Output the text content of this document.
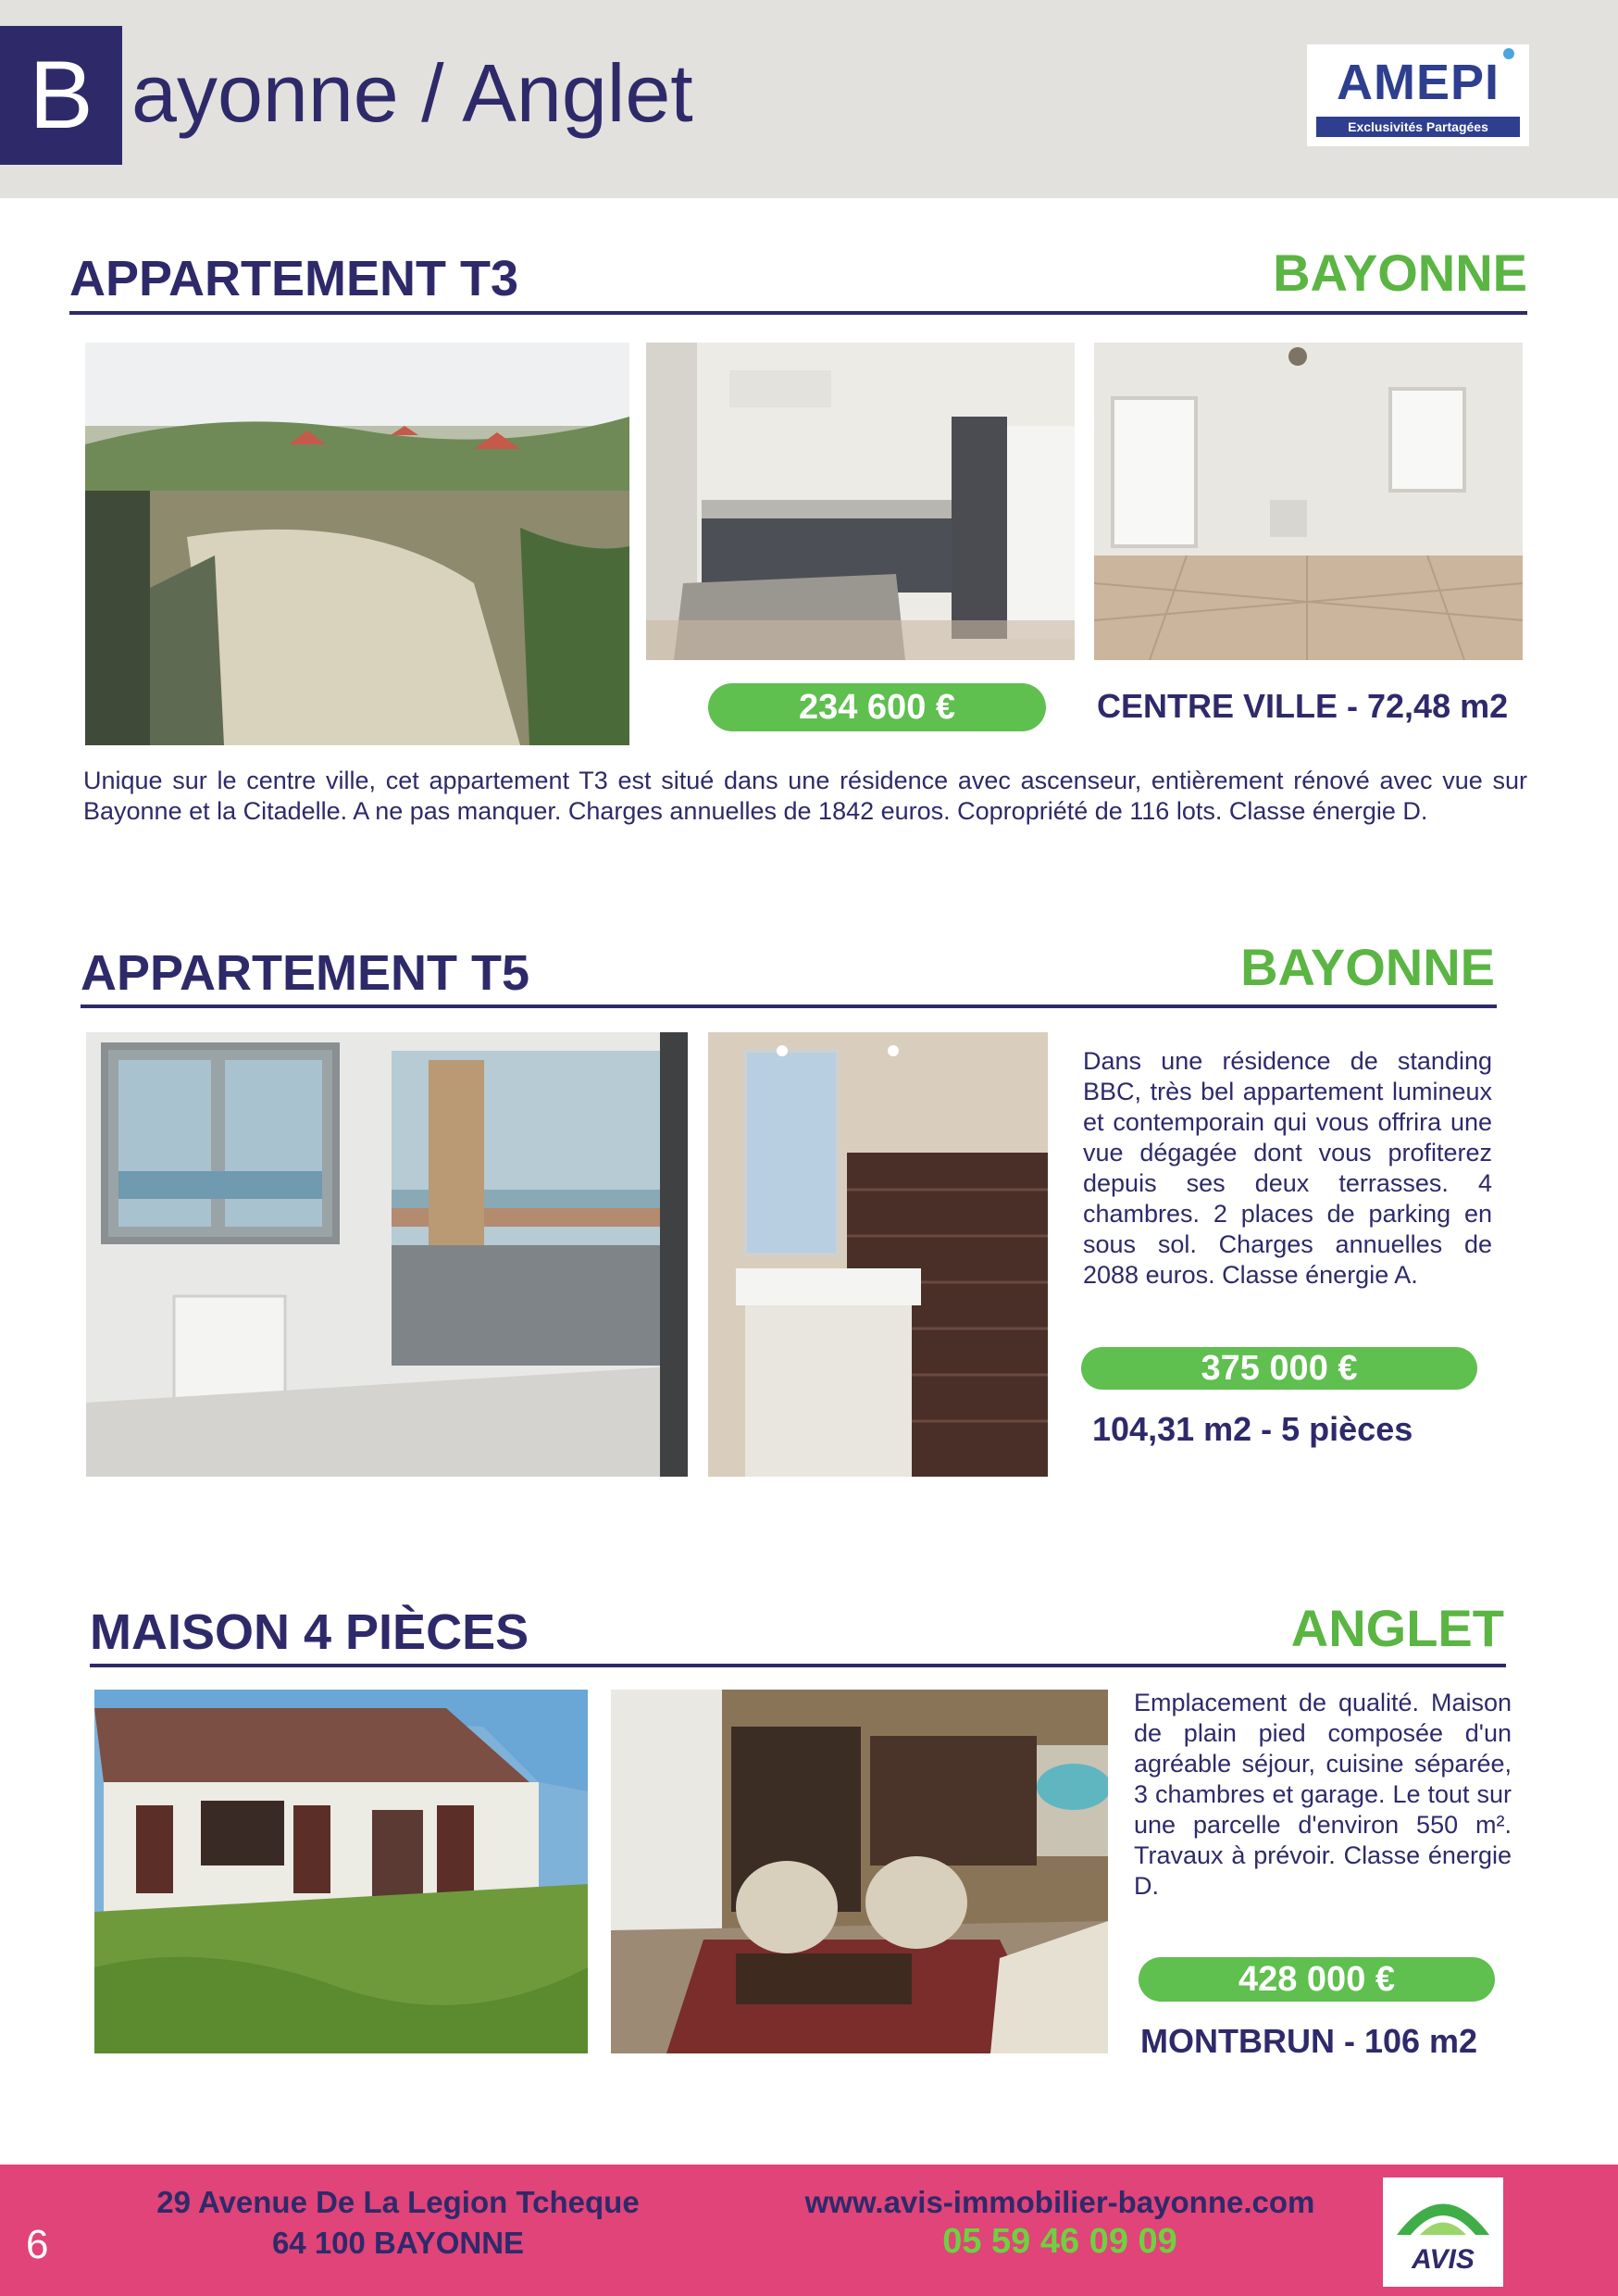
B ayonne / Anglet	AMEPI
Exclusivités Partagées
APPARTEMENT T3	BAYONNE
234 600 €	CENTRE VILLE - 72,48 m2
Unique sur le centre ville, cet appartement T3 est situé dans une résidence avec ascenseur, entièrement rénové avec vue sur Bayonne et la Citadelle. A ne pas manquer. Charges annuelles de 1842 euros. Copropriété de 116 lots. Classe énergie D.
APPARTEMENT T5	BAYONNE
Dans une résidence de standing BBC, très bel appartement lumineux et contemporain qui vous offrira une vue dégagée dont vous profiterez depuis ses deux terrasses. 4 chambres. 2 places de parking en sous sol. Charges annuelles de 2088 euros. Classe énergie A.
375 000 €
104,31 m2 - 5 pièces
MAISON 4 PIÈCES	ANGLET
Emplacement de qualité. Maison de plain pied composée d'un agréable séjour, cuisine séparée, 3 chambres et garage. Le tout sur une parcelle d'environ 550 m². Travaux à prévoir. Classe énergie D.
428 000 €
MONTBRUN - 106 m2
6
29 Avenue De La Legion Tcheque
64 100 BAYONNE
www.avis-immobilier-bayonne.com
05 59 46 09 09	AVIS
